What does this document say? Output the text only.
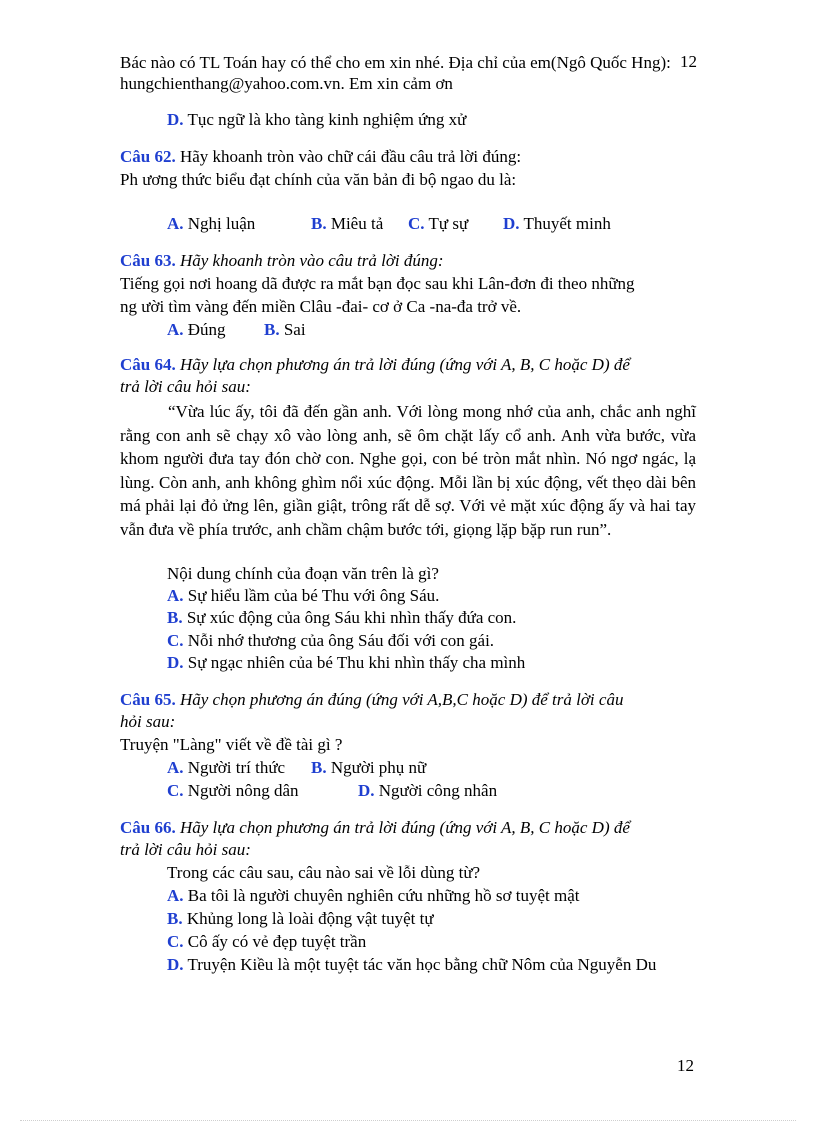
Bác nào có TL Toán hay có thể cho em xin nhé. Địa chỉ của em(Ngô Quốc Hng): hungchienthang@yahoo.com.vn. Em xin cảm ơn
12
D. Tục ngữ là kho tàng kinh nghiệm ứng xử
Câu 62. Hãy khoanh tròn vào chữ cái đầu câu trả lời đúng:
Ph ương thức biểu đạt chính của văn bản đi bộ ngao du là:
A. Nghị luận	B. Miêu tả C. Tự sự D. Thuyết minh
Câu 63. Hãy khoanh tròn vào câu trả lời đúng:
Tiếng gọi nơi hoang dã được ra mắt bạn đọc sau khi Lân-đơn đi theo những
ng ười tìm vàng đến miền Clâu -đai- cơ ở Ca -na-đa trở về.
A. Đúng B. Sai
Câu 64. Hãy lựa chọn phương án trả lời đúng (ứng với A, B, C hoặc D) để
trả lời câu hỏi sau:
“Vừa lúc ấy, tôi đã đến gần anh. Với lòng mong nhớ của anh, chắc anh nghĩ rằng con anh sẽ chạy xô vào lòng anh, sẽ ôm chặt lấy cổ anh. Anh vừa bước, vừa khom người đưa tay đón chờ con. Nghe gọi, con bé tròn mắt nhìn. Nó ngơ ngác, lạ lùng. Còn anh, anh không ghìm nổi xúc động. Mỗi lần bị xúc động, vết thẹo dài bên má phải lại đỏ ửng lên, giần giật, trông rất dễ sợ. Với vẻ mặt xúc động ấy và hai tay vẫn đưa về phía trước, anh chầm chậm bước tới, giọng lặp bặp run run”.
Nội dung chính của đoạn văn trên là gì?
A. Sự hiểu lầm của bé Thu với ông Sáu.
B. Sự xúc động của ông Sáu khi nhìn thấy đứa con.
C. Nỗi nhớ thương của ông Sáu đối với con gái.
D. Sự ngạc nhiên của bé Thu khi nhìn thấy cha mình
Câu 65. Hãy chọn phương án đúng (ứng với A,B,C hoặc D) để trả lời câu
hỏi sau:
Truyện "Làng" viết về đề tài gì ?
A. Người trí thức B. Người phụ nữ
C. Người nông dân	D. Người công nhân
Câu 66. Hãy lựa chọn phương án trả lời đúng (ứng với A, B, C hoặc D) để
trả lời câu hỏi sau:
Trong các câu sau, câu nào sai về lỗi dùng từ?
A. Ba tôi là người chuyên nghiên cứu những hồ sơ tuyệt mật
B. Khủng long là loài động vật tuyệt tự
C. Cô ấy có vẻ đẹp tuyệt trần
D. Truyện Kiều là một tuyệt tác văn học bằng chữ Nôm của Nguyễn Du
12
